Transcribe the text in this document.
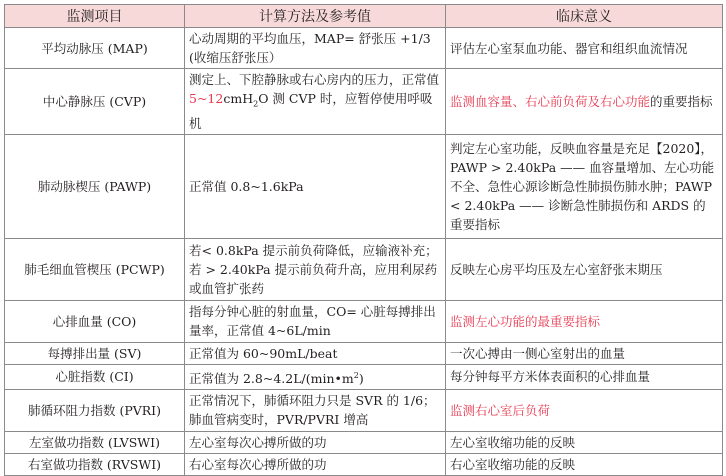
监测项目	计算方法及参考值	临床意义
平均动脉压 (MAP)	心动周期的平均血压，MAP= 舒张压 +1/3(收缩压舒张压）	评估左心室泵血功能、器官和组织血流情况
中心静脉压 (CVP)	测定上、下腔静脉或右心房内的压力，正常值 5~12cmH$_2$O 测 CVP 时，应暂停使用呼吸机	监测血容量、右心前负荷及右心功能的重要指标
肺动脉楔压 (PAWP)	正常值 0.8~1.6kPa	判定左心室功能，反映血容量是充足【2020】，PAWP > 2.40kPa —— 血容量增加、左心功能不全、急性心源诊断急性肺损伤肺水肿；PAWP < 2.40kPa —— 诊断急性肺损伤和 ARDS 的重要指标
肺毛细血管楔压 (PCWP)	若< 0.8kPa 提示前负荷降低，应输液补充；若 > 2.40kPa 提示前负荷升高，应用利尿药或血管扩张药	反映左心房平均压及左心室舒张末期压
心排血量 (CO)	指每分钟心脏的射血量，CO= 心脏每搏排出量率，正常值 4~6L/min	监测左心功能的最重要指标
每搏排出量 (SV)	正常值为 60~90mL/beat	一次心搏由一侧心室射出的血量
心脏指数 (CI)	正常值为 $2.8\sim 4.2L/(\min•m^2)$	每分钟每平方米体表面积的心排血量
肺循环阻力指数 (PVRI)	正常情况下，肺循环阻力只是 SVR 的 1/6；肺血管病变时，PVR/PVRI 增高	监测右心室后负荷
左室做功指数 (LVSWI)	左心室每次心搏所做的功	左心室收缩功能的反映
右室做功指数 (RVSWI)	右心室每次心搏所做的功	右心室收缩功能的反映
